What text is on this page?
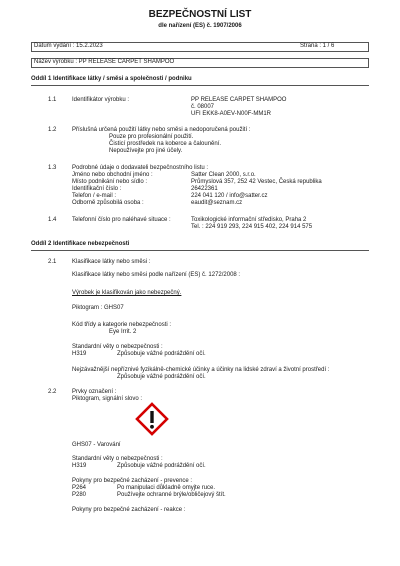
BEZPEČNOSTNÍ LIST
dle nařízení (ES) č. 1907/2006
Datum vydání : 15.2.2023	Strana : 1 / 6
Název výrobku : PP RELEASE CARPET SHAMPOO
Oddíl 1 Identifikace látky / směsi a společnosti / podniku
1.1	Identifikátor výrobku :	PP RELEASE CARPET SHAMPOO
č. 08007
UFI EKK8-A0EV-N00F-MM1R
1.2	Příslušná určená použití látky nebo směsi a nedoporučená použití :
Pouze pro profesionální použití.
Čisticí prostředek na koberce a čalounění.
Nepoužívejte pro jiné účely.
1.3	Podrobné údaje o dodavateli bezpečnostního listu :
Jméno nebo obchodní jméno :	Satter Clean 2000, s.r.o.
Místo podnikání nebo sídlo :	Průmyslová 357, 252 42 Vestec, Česká republika
Identifikační číslo :	26422361
Telefon / e-mail :	224 041 120 / info@satter.cz
Odborně způsobilá osoba :	eaudit@seznam.cz
1.4	Telefonní číslo pro naléhavé situace :	Toxikologické informační středisko, Praha 2
Tel. : 224 919 293, 224 915 402, 224 914 575
Oddíl 2 Identifikace nebezpečnosti
2.1	Klasifikace látky nebo směsi :
Klasifikace látky nebo směsi podle nařízení (ES) č. 1272/2008 :
Výrobek je klasifikován jako nebezpečný.
Piktogram : GHS07
Kód třídy a kategorie nebezpečnosti :
Eye Irrit. 2
Standardní věty o nebezpečnosti :
H319	Způsobuje vážné podráždění očí.
Nejzávažnější nepříznivé fyzikálně-chemické účinky a účinky na lidské zdraví a životní prostředí :
Způsobuje vážné podráždění očí.
2.2	Prvky označení :
Piktogram, signální slovo :
GHS07 - Varování
Standardní věty o nebezpečnosti :
H319	Způsobuje vážné podráždění očí.
Pokyny pro bezpečné zacházení - prevence :
P264	Po manipulaci důkladně omyjte ruce.
P280	Používejte ochranné brýle/obličejový štít.
Pokyny pro bezpečné zacházení - reakce :
